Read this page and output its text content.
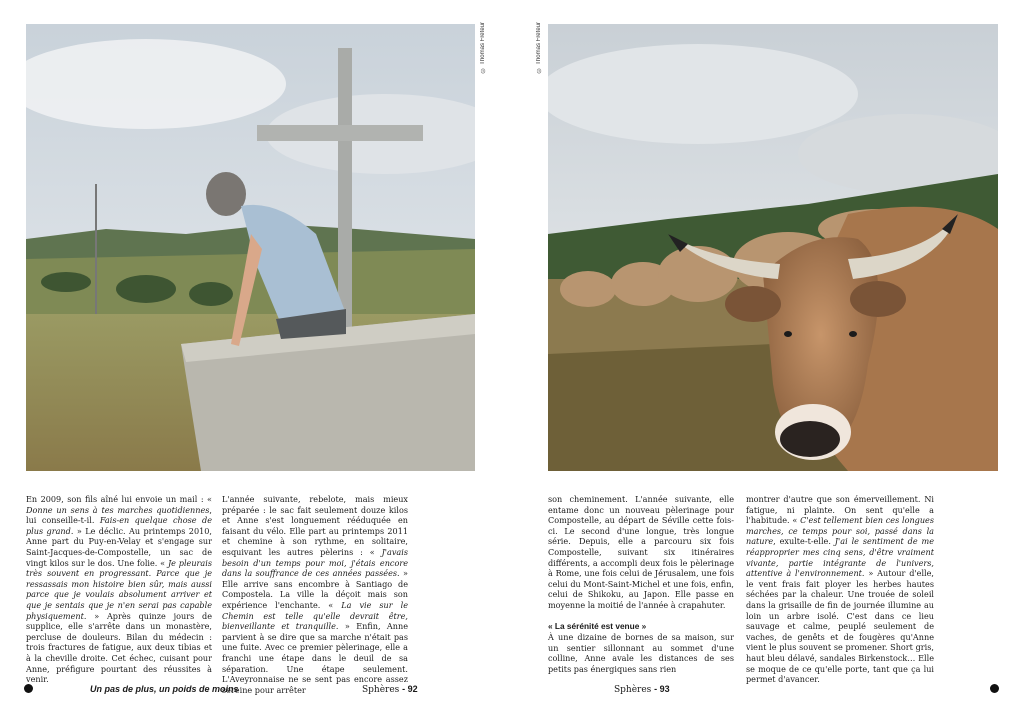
© Thomas Freteur	© Thomas Freteur
En 2009, son fils aîné lui envoie un mail : « Donne un sens à tes marches quotidiennes, lui conseille-t-il. Fais-en quelque chose de plus grand. » Le déclic. Au printemps 2010, Anne part du Puy-en-Velay et s'engage sur Saint-Jacques-de-Compostelle, un sac de vingt kilos sur le dos. Une folie. « Je pleurais très souvent en progressant. Parce que je ressassais mon histoire bien sûr, mais aussi parce que je voulais absolument arriver et que je sentais que je n'en serai pas capable physiquement. » Après quinze jours de supplice, elle s'arrête dans un monastère, percluse de douleurs. Bilan du médecin : trois fractures de fatigue, aux deux tibias et à la cheville droite. Cet échec, cuisant pour Anne, préfigure pourtant des réussites à venir.
L'année suivante, rebelote, mais mieux préparée : le sac fait seulement douze kilos et Anne s'est longuement rééduquée en faisant du vélo. Elle part au printemps 2011 et chemine à son rythme, en solitaire, esquivant les autres pèlerins : « J'avais besoin d'un temps pour moi, j'étais encore dans la souffrance de ces années passées. » Elle arrive sans encombre à Santiago de Compostela. La ville la déçoit mais son expérience l'enchante. « La vie sur le Chemin est telle qu'elle devrait être, bienveillante et tranquille. » Enfin, Anne parvient à se dire que sa marche n'était pas une fuite. Avec ce premier pèlerinage, elle a franchi une étape dans le deuil de sa séparation. Une étape seulement. L'Aveyronnaise ne se sent pas encore assez sereine pour arrêter

son cheminement. L'année suivante, elle entame donc un nouveau pèlerinage pour Compostelle, au départ de Séville cette fois-ci. Le second d'une longue, très longue série. Depuis, elle a parcouru six fois Compostelle, suivant six itinéraires différents, a accompli deux fois le pèlerinage à Rome, une fois celui de Jérusalem, une fois celui du Mont-Saint-Michel et une fois, enfin, celui de Shikoku, au Japon. Elle passe en moyenne la moitié de l'année à crapahuter.

« La sérénité est venue »

À une dizaine de bornes de sa maison, sur un sentier sillonnant au sommet d'une colline, Anne avale les distances de ses petits pas énergiques sans rien

montrer d'autre que son émerveillement. Ni fatigue, ni plainte. On sent qu'elle a l'habitude. « C'est tellement bien ces longues marches, ce temps pour soi, passé dans la nature, exulte-t-elle. J'ai le sentiment de me réapproprier mes cinq sens, d'être vraiment vivante, partie intégrante de l'univers, attentive à l'environnement. » Autour d'elle, le vent frais fait ployer les herbes hautes séchées par la chaleur. Une trouée de soleil dans la grisaille de fin de journée illumine au loin un arbre isolé. C'est dans ce lieu sauvage et calme, peuplé seulement de vaches, de genêts et de fougères qu'Anne vient le plus souvent se promener. Short gris, haut bleu délavé, sandales Birkenstock… Elle se moque de ce qu'elle porte, tant que ça lui permet d'avancer.
Un pas de plus, un poids de moins	Sphères - 92	Sphères - 93
